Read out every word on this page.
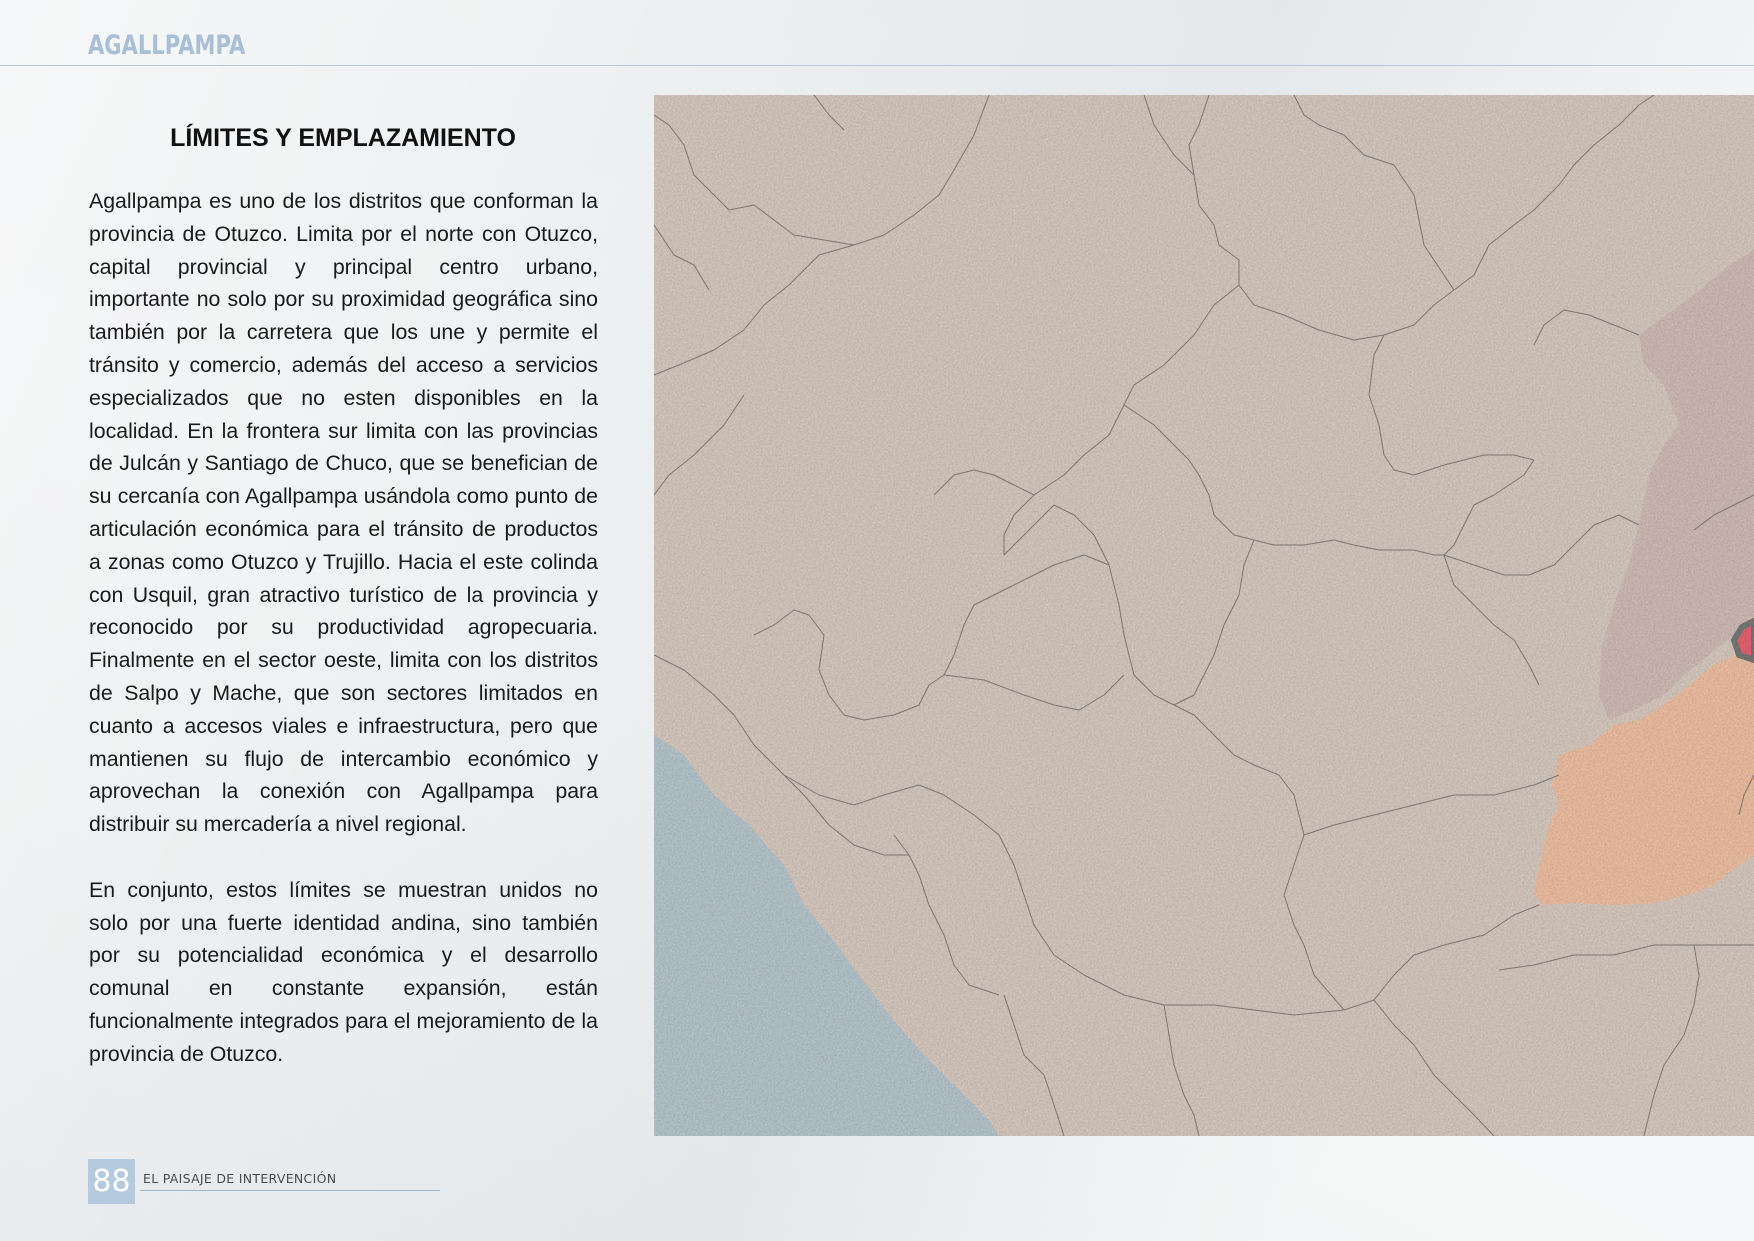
AGALLPAMPA
LÍMITES Y EMPLAZAMIENTO

Agallpampa es uno de los distritos que conforman la provincia de Otuzco. Limita por el norte con Otuzco, capital provincial y principal centro urbano, importante no solo por su proximidad geográfica sino también por la carretera que los une y permite el tránsito y comercio, además del acceso a servicios especializados que no esten disponibles en la localidad. En la frontera sur limita con las provincias de Julcán y Santiago de Chuco, que se benefician de su cercanía con Agallpampa usándola como punto de articulación económica para el tránsito de productos a zonas como Otuzco y Trujillo. Hacia el este colinda con Usquil, gran atractivo turístico de la provincia y reconocido por su productividad agropecuaria. Finalmente en el sector oeste, limita con los distritos de Salpo y Mache, que son sectores limitados en cuanto a accesos viales e infraestructura, pero que mantienen su flujo de intercambio económico y aprovechan la conexión con Agallpampa para distribuir su mercadería a nivel regional.

En conjunto, estos límites se muestran unidos no solo por una fuerte identidad andina, sino también por su potencialidad económica y el desarrollo comunal en constante expansión, están funcionalmente integrados para el mejoramiento de la provincia de Otuzco.

88 EL PAISAJE DE INTERVENCIÓN
